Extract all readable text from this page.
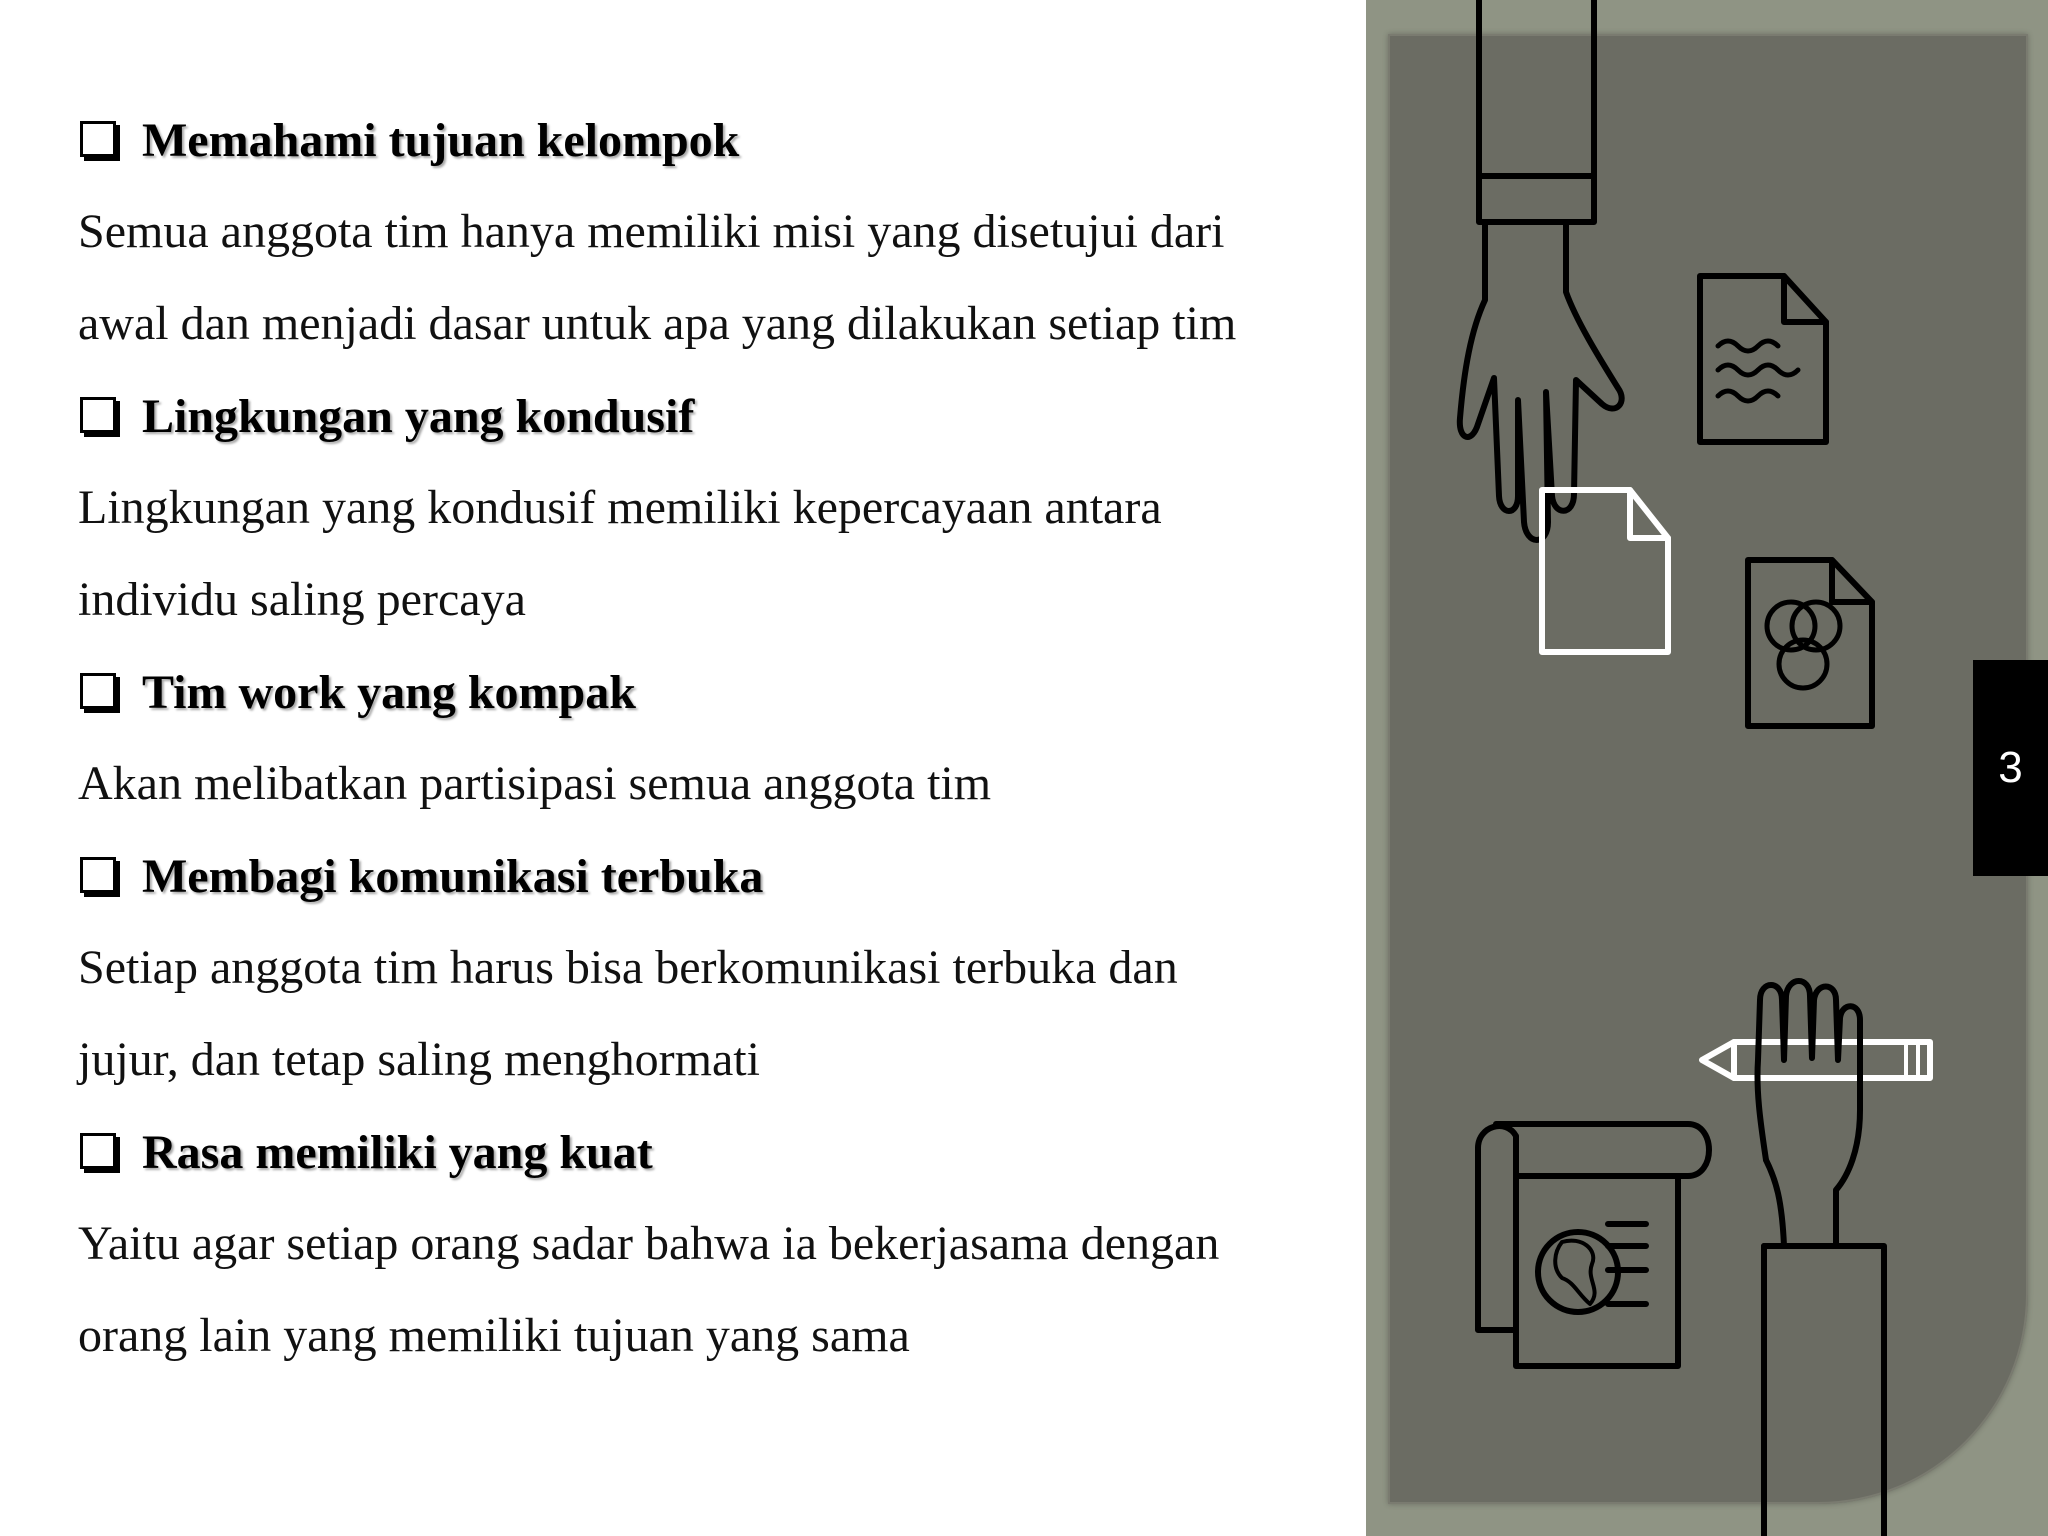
Memahami tujuan kelompok
Semua anggota tim hanya memiliki misi yang disetujui dari
awal dan menjadi dasar untuk apa yang dilakukan setiap tim
Lingkungan yang kondusif
Lingkungan yang kondusif memiliki kepercayaan antara
individu saling percaya
Tim work yang kompak
Akan melibatkan partisipasi semua anggota tim
Membagi komunikasi terbuka
Setiap anggota tim harus bisa berkomunikasi terbuka dan
jujur, dan tetap saling menghormati
Rasa memiliki yang kuat
Yaitu agar setiap orang sadar bahwa ia bekerjasama dengan
orang lain yang memiliki tujuan yang sama
3
